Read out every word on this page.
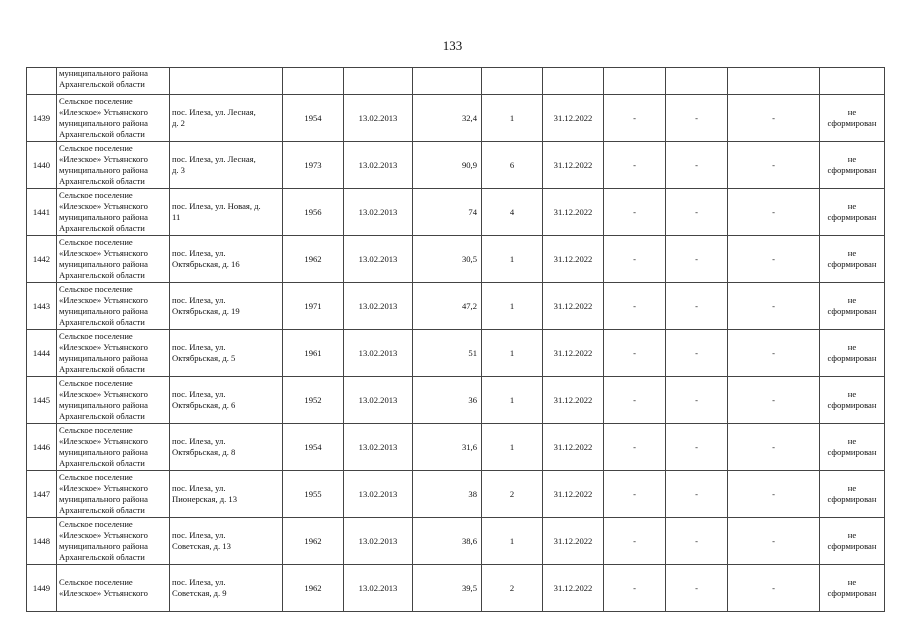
133

	муниципального района
Архангельской области										

1439	Сельское поселение
«Илезское» Устьянского
муниципального района
Архангельской области	пос. Илеза, ул. Лесная,
д. 2	1954	13.02.2013	32,4	1	31.12.2022	-	-	-	не
сформирован

1440	Сельское поселение
«Илезское» Устьянского
муниципального района
Архангельской области	пос. Илеза, ул. Лесная,
д. 3	1973	13.02.2013	90,9	6	31.12.2022	-	-	-	не
сформирован

1441	Сельское поселение
«Илезское» Устьянского
муниципального района
Архангельской области	пос. Илеза, ул. Новая, д.
11	1956	13.02.2013	74	4	31.12.2022	-	-	-	не
сформирован

1442	Сельское поселение
«Илезское» Устьянского
муниципального района
Архангельской области	пос. Илеза, ул.
Октябрьская, д. 16	1962	13.02.2013	30,5	1	31.12.2022	-	-	-	не
сформирован

1443	Сельское поселение
«Илезское» Устьянского
муниципального района
Архангельской области	пос. Илеза, ул.
Октябрьская, д. 19	1971	13.02.2013	47,2	1	31.12.2022	-	-	-	не
сформирован

1444	Сельское поселение
«Илезское» Устьянского
муниципального района
Архангельской области	пос. Илеза, ул.
Октябрьская, д. 5	1961	13.02.2013	51	1	31.12.2022	-	-	-	не
сформирован

1445	Сельское поселение
«Илезское» Устьянского
муниципального района
Архангельской области	пос. Илеза, ул.
Октябрьская, д. 6	1952	13.02.2013	36	1	31.12.2022	-	-	-	не
сформирован

1446	Сельское поселение
«Илезское» Устьянского
муниципального района
Архангельской области	пос. Илеза, ул.
Октябрьская, д. 8	1954	13.02.2013	31,6	1	31.12.2022	-	-	-	не
сформирован

1447	Сельское поселение
«Илезское» Устьянского
муниципального района
Архангельской области	пос. Илеза, ул.
Пионерская, д. 13	1955	13.02.2013	38	2	31.12.2022	-	-	-	не
сформирован

1448	Сельское поселение
«Илезское» Устьянского
муниципального района
Архангельской области	пос. Илеза, ул.
Советская, д. 13	1962	13.02.2013	38,6	1	31.12.2022	-	-	-	не
сформирован

1449	Сельское поселение
«Илезское» Устьянского	пос. Илеза, ул.
Советская, д. 9	1962	13.02.2013	39,5	2	31.12.2022	-	-	-	не
сформирован
